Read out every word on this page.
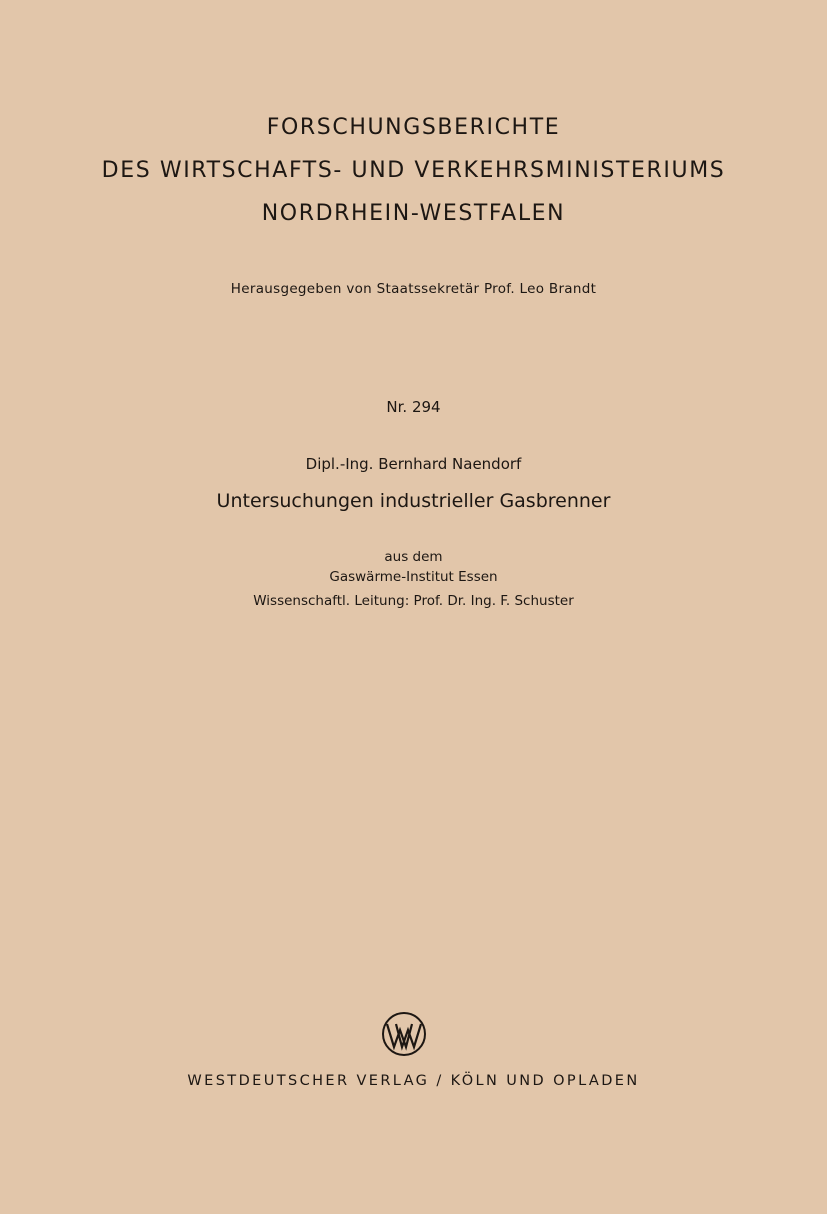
FORSCHUNGSBERICHTE
DES WIRTSCHAFTS- UND VERKEHRSMINISTERIUMS
NORDRHEIN-WESTFALEN
Herausgegeben von Staatssekretär Prof. Leo Brandt
Nr. 294
Dipl.-Ing. Bernhard Naendorf
Untersuchungen industrieller Gasbrenner
aus dem
Gaswärme-Institut Essen
Wissenschaftl. Leitung: Prof. Dr. Ing. F. Schuster
WESTDEUTSCHER VERLAG / KÖLN UND OPLADEN
